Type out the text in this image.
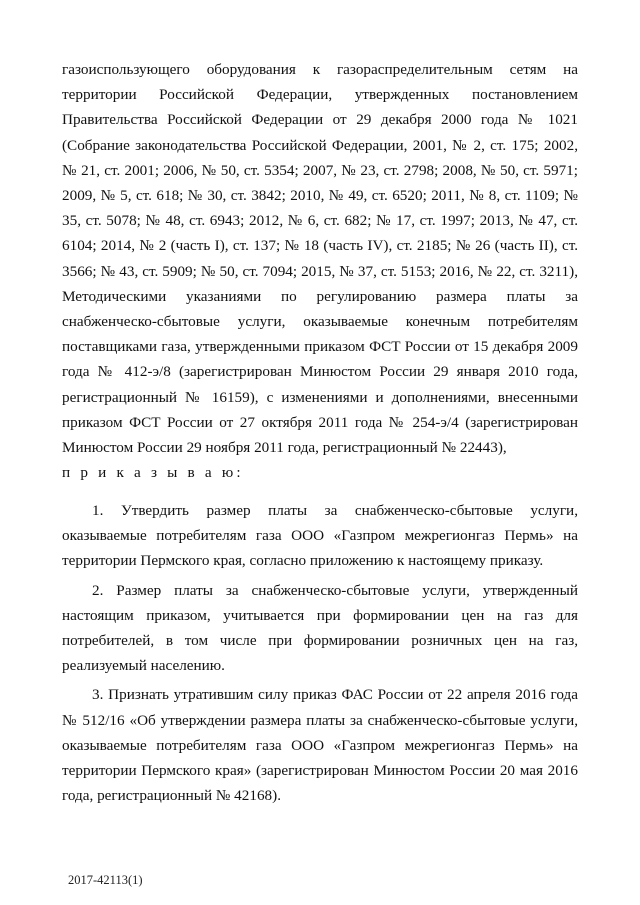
газоиспользующего оборудования к газораспределительным сетям на территории Российской Федерации, утвержденных постановлением Правительства Российской Федерации от 29 декабря 2000 года № 1021 (Собрание законодательства Российской Федерации, 2001, № 2, ст. 175; 2002, № 21, ст. 2001; 2006, № 50, ст. 5354; 2007, № 23, ст. 2798; 2008, № 50, ст. 5971; 2009, № 5, ст. 618; № 30, ст. 3842; 2010, № 49, ст. 6520; 2011, № 8, ст. 1109; № 35, ст. 5078; № 48, ст. 6943; 2012, № 6, ст. 682; № 17, ст. 1997; 2013, № 47, ст. 6104; 2014, № 2 (часть I), ст. 137; № 18 (часть IV), ст. 2185; № 26 (часть II), ст. 3566; № 43, ст. 5909; № 50, ст. 7094; 2015, № 37, ст. 5153; 2016, № 22, ст. 3211), Методическими указаниями по регулированию размера платы за снабженческо-сбытовые услуги, оказываемые конечным потребителям поставщиками газа, утвержденными приказом ФСТ России от 15 декабря 2009 года № 412-э/8 (зарегистрирован Минюстом России 29 января 2010 года, регистрационный № 16159), с изменениями и дополнениями, внесенными приказом ФСТ России от 27 октября 2011 года № 254-э/4 (зарегистрирован Минюстом России 29 ноября 2011 года, регистрационный № 22443),

п р и к а з ы в а ю:

1. Утвердить размер платы за снабженческо-сбытовые услуги, оказываемые потребителям газа ООО «Газпром межрегионгаз Пермь» на территории Пермского края, согласно приложению к настоящему приказу.

2. Размер платы за снабженческо-сбытовые услуги, утвержденный настоящим приказом, учитывается при формировании цен на газ для потребителей, в том числе при формировании розничных цен на газ, реализуемый населению.

3. Признать утратившим силу приказ ФАС России от 22 апреля 2016 года № 512/16 «Об утверждении размера платы за снабженческо-сбытовые услуги, оказываемые потребителям газа ООО «Газпром межрегионгаз Пермь» на территории Пермского края» (зарегистрирован Минюстом России 20 мая 2016 года, регистрационный № 42168).

2017-42113(1)
